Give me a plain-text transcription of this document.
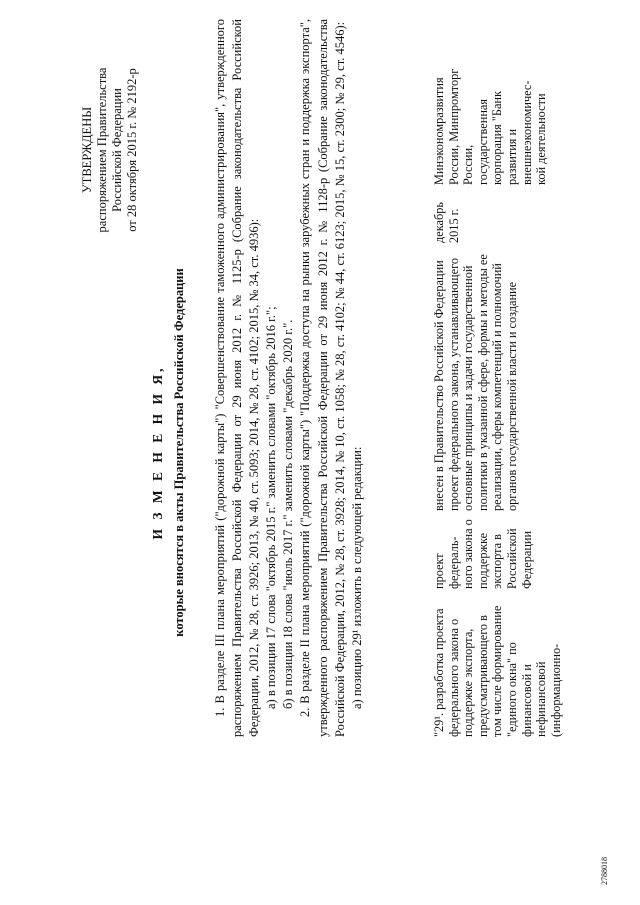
УТВЕРЖДЕНЫ распоряжением Правительства Российской Федерации от 28 октября 2015 г. № 2192-р
И З М Е Н Е Н И Я, которые вносятся в акты Правительства Российской Федерации 1. В разделе III плана мероприятий ("дорожной карты") "Совершенствование таможенного администрирования", утвержденного распоряжением Правительства Российской Федерации от 29 июня 2012 г. № 1125-р (Собрание законодательства Российской Федерации, 2012, № 28, ст. 3926; 2013, № 40, ст. 5093; 2014, № 28, ст. 4102; 2015, № 34, ст. 4936): а) в позиции 17 слова "октябрь 2015 г." заменить словами "октябрь 2016 г."; б) в позиции 18 слова "июль 2017 г." заменить словами "декабрь 2020 г.". 2. В разделе II плана мероприятий ("дорожной карты") "Поддержка доступа на рынки зарубежных стран и поддержка экспорта", утвержденного распоряжением Правительства Российской Федерации от 29 июня 2012 г. № 1128-р (Собрание законодательства Российской Федерации, 2012, № 28, ст. 3928; 2014, № 10, ст. 1058; № 28, ст. 4102; № 44, ст. 6123; 2015, № 15, ст. 2300; № 29, ст. 4546): а) позицию 29¹ изложить в следующей редакции:	"29¹. разработка проекта федерального закона о поддержке экспорта, предусматривающего в том числе формирование "единого окна" по финансовой и нефинансовой (информационно-	проект федераль-ного закона о поддержке экспорта в Российской Федерации	внесен в Правительство Российской Федерации проект федерального закона, устанавливающего основные принципы и задачи государственной политики в указанной сфере, формы и методы ее реализации, сферы компетенций и полномочий органов государственной власти и создание	декабрь 2015 г.	Минэкономразвития России, Минпромторг России, государственная корпорация "Банк развития и внешнеэкономичес-кой деятельности
2788018
